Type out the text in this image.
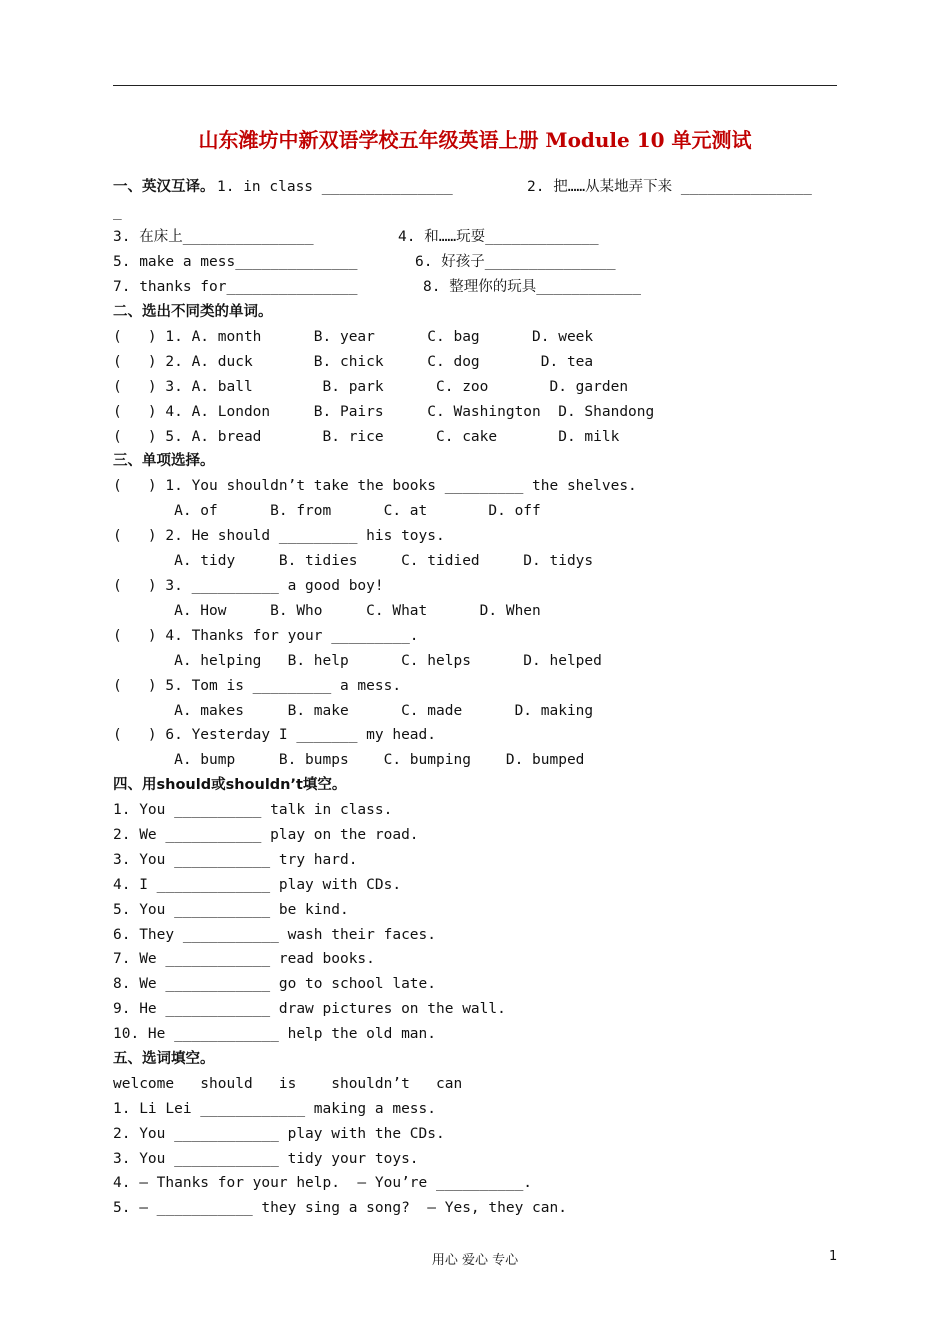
山东潍坊中新双语学校五年级英语上册 Module 10 单元测试
一、英汉互译。 1. in class _______________	2. 把……从某地弄下来 _______________
_
3. 在床上_______________	4. 和……玩耍_____________
5. make a mess______________	6. 好孩子_______________
7. thanks for_______________	8. 整理你的玩具____________
二、选出不同类的单词。
(   ) 1. A. month      B. year      C. bag      D. week
(   ) 2. A. duck       B. chick     C. dog       D. tea
(   ) 3. A. ball        B. park      C. zoo       D. garden
(   ) 4. A. London     B. Pairs     C. Washington  D. Shandong
(   ) 5. A. bread       B. rice      C. cake       D. milk
三、单项选择。
(   ) 1. You shouldn’t take the books _________ the shelves.
A. of      B. from      C. at       D. off
(   ) 2. He should _________ his toys.
A. tidy     B. tidies     C. tidied     D. tidys
(   ) 3. __________ a good boy!
A. How     B. Who     C. What      D. When
(   ) 4. Thanks for your _________.
A. helping   B. help      C. helps      D. helped
(   ) 5. Tom is _________ a mess.
A. makes     B. make      C. made      D. making
(   ) 6. Yesterday I _______ my head.
A. bump     B. bumps    C. bumping    D. bumped
四、用should或shouldn’t填空。
1. You __________ talk in class.
2. We ___________ play on the road.
3. You ___________ try hard.
4. I _____________ play with CDs.
5. You ___________ be kind.
6. They ___________ wash their faces.
7. We ____________ read books.
8. We ____________ go to school late.
9. He ____________ draw pictures on the wall.
10. He ____________ help the old man.
五、选词填空。
welcome   should   is    shouldn’t   can
1. Li Lei ____________ making a mess.
2. You ____________ play with the CDs.
3. You ____________ tidy your toys.
4. – Thanks for your help.  – You’re __________.
5. – ___________ they sing a song?  – Yes, they can.
用心 爱心 专心	1
